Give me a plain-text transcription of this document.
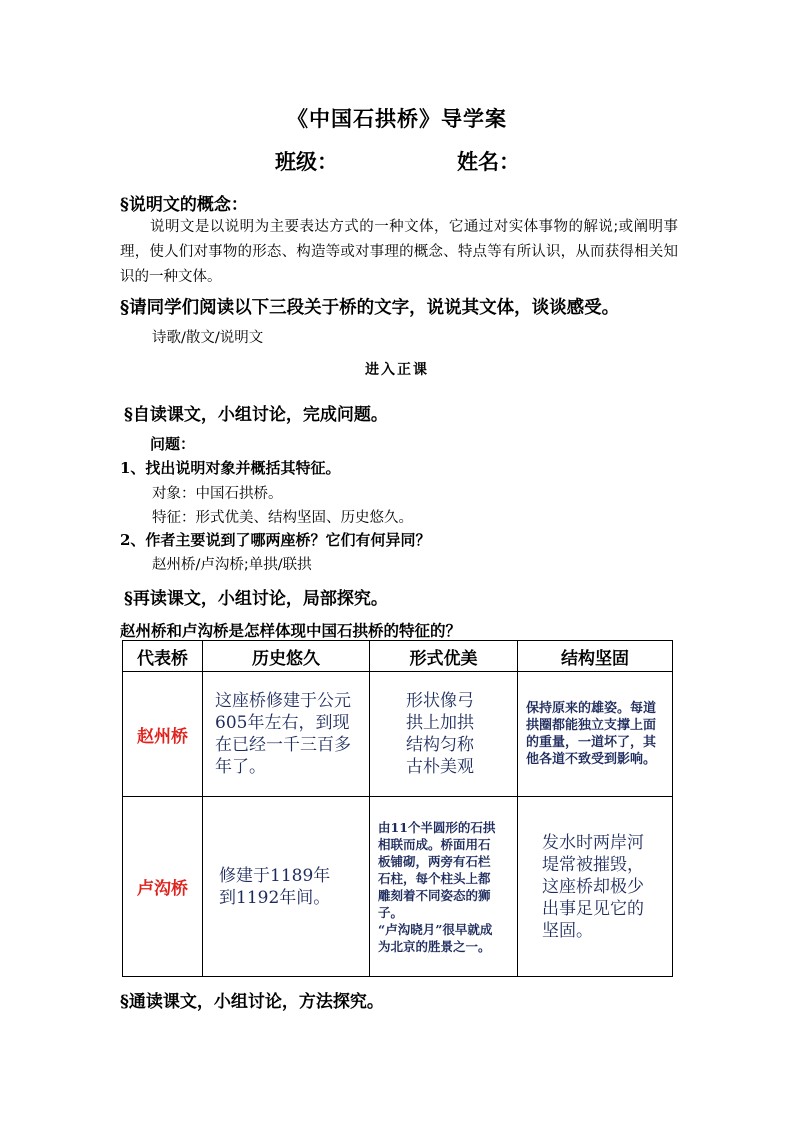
《中国石拱桥》导学案
班级：	姓名：
§说明文的概念：
说明文是以说明为主要表达方式的一种文体，它通过对实体事物的解说;或阐明事理，使人们对事物的形态、构造等或对事理的概念、特点等有所认识，从而获得相关知识的一种文体。
§请同学们阅读以下三段关于桥的文字，说说其文体，谈谈感受。
诗歌/散文/说明文
进入正课
§自读课文，小组讨论，完成问题。
问题：
1、找出说明对象并概括其特征。
对象：中国石拱桥。
特征：形式优美、结构坚固、历史悠久。
2、作者主要说到了哪两座桥？它们有何异同？
赵州桥/卢沟桥;单拱/联拱
§再读课文，小组讨论，局部探究。
赵州桥和卢沟桥是怎样体现中国石拱桥的特征的？
代表桥	历史悠久	形式优美	结构坚固
赵州桥	这座桥修建于公元605年左右，到现在已经一千三百多年了。	形状像弓
拱上加拱
结构匀称
古朴美观	保持原来的雄姿。每道拱圈都能独立支撑上面的重量，一道坏了，其他各道不致受到影响。

卢沟桥	修建于1189年到1192年间。	由11个半圆形的石拱相联而成。桥面用石板铺砌，两旁有石栏石柱，每个柱头上都雕刻着不同姿态的狮子。
“卢沟晓月”很早就成为北京的胜景之一。	发水时两岸河堤常被摧毁，这座桥却极少出事足见它的坚固。
§通读课文，小组讨论，方法探究。
